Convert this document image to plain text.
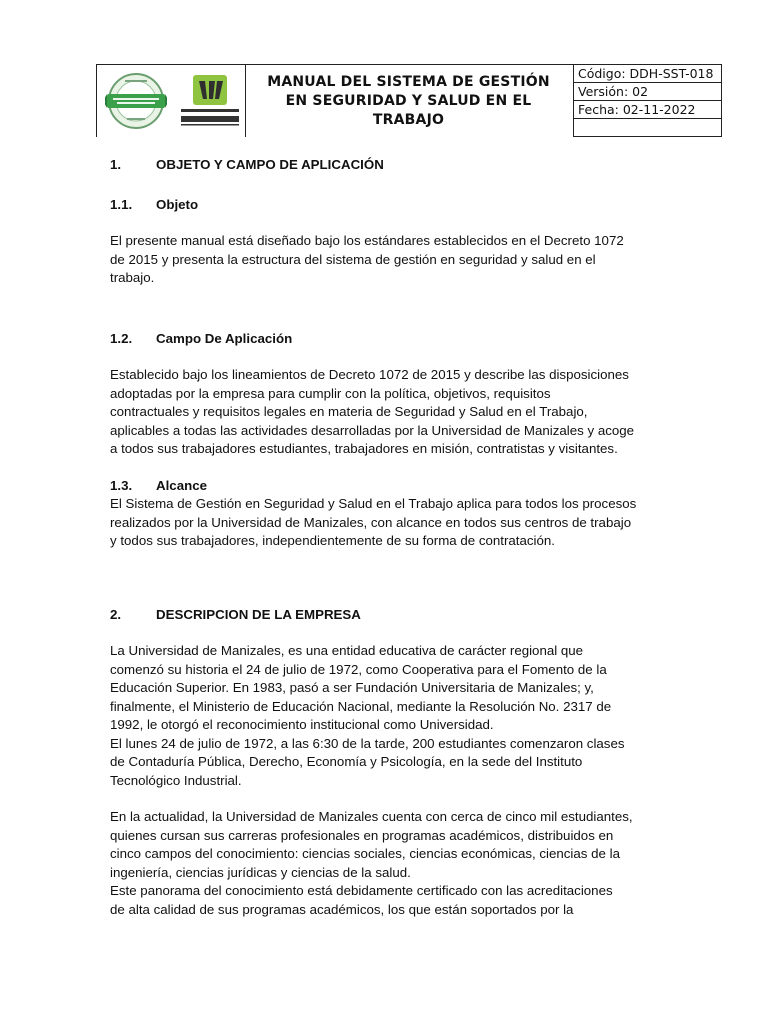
MANUAL DEL SISTEMA DE GESTIÓN
EN SEGURIDAD Y SALUD EN EL
TRABAJO
Código: DDH-SST-018
Versión: 02
Fecha: 02-11-2022
1.	OBJETO Y CAMPO DE APLICACIÓN
1.1.	Objeto
El presente manual está diseñado bajo los estándares establecidos en el Decreto 1072
de 2015 y presenta la estructura del sistema de gestión en seguridad y salud en el
trabajo.
1.2.	Campo De Aplicación
Establecido bajo los lineamientos de Decreto 1072 de 2015 y describe las disposiciones
adoptadas por la empresa para cumplir con la política, objetivos, requisitos
contractuales y requisitos legales en materia de Seguridad y Salud en el Trabajo,
aplicables a todas las actividades desarrolladas por la Universidad de Manizales y acoge
a todos sus trabajadores estudiantes, trabajadores en misión, contratistas y visitantes.
1.3.	Alcance
El Sistema de Gestión en Seguridad y Salud en el Trabajo aplica para todos los procesos
realizados por la Universidad de Manizales, con alcance en todos sus centros de trabajo
y todos sus trabajadores, independientemente de su forma de contratación.
2.	DESCRIPCION DE LA EMPRESA
La Universidad de Manizales, es una entidad educativa de carácter regional que
comenzó su historia el 24 de julio de 1972, como Cooperativa para el Fomento de la
Educación Superior. En 1983, pasó a ser Fundación Universitaria de Manizales; y,
finalmente, el Ministerio de Educación Nacional, mediante la Resolución No. 2317 de
1992, le otorgó el reconocimiento institucional como Universidad.
El lunes 24 de julio de 1972, a las 6:30 de la tarde, 200 estudiantes comenzaron clases
de Contaduría Pública, Derecho, Economía y Psicología, en la sede del Instituto
Tecnológico Industrial.
En la actualidad, la Universidad de Manizales cuenta con cerca de cinco mil estudiantes,
quienes cursan sus carreras profesionales en programas académicos, distribuidos en
cinco campos del conocimiento: ciencias sociales, ciencias económicas, ciencias de la
ingeniería, ciencias jurídicas y ciencias de la salud.
Este panorama del conocimiento está debidamente certificado con las acreditaciones
de alta calidad de sus programas académicos, los que están soportados por la
